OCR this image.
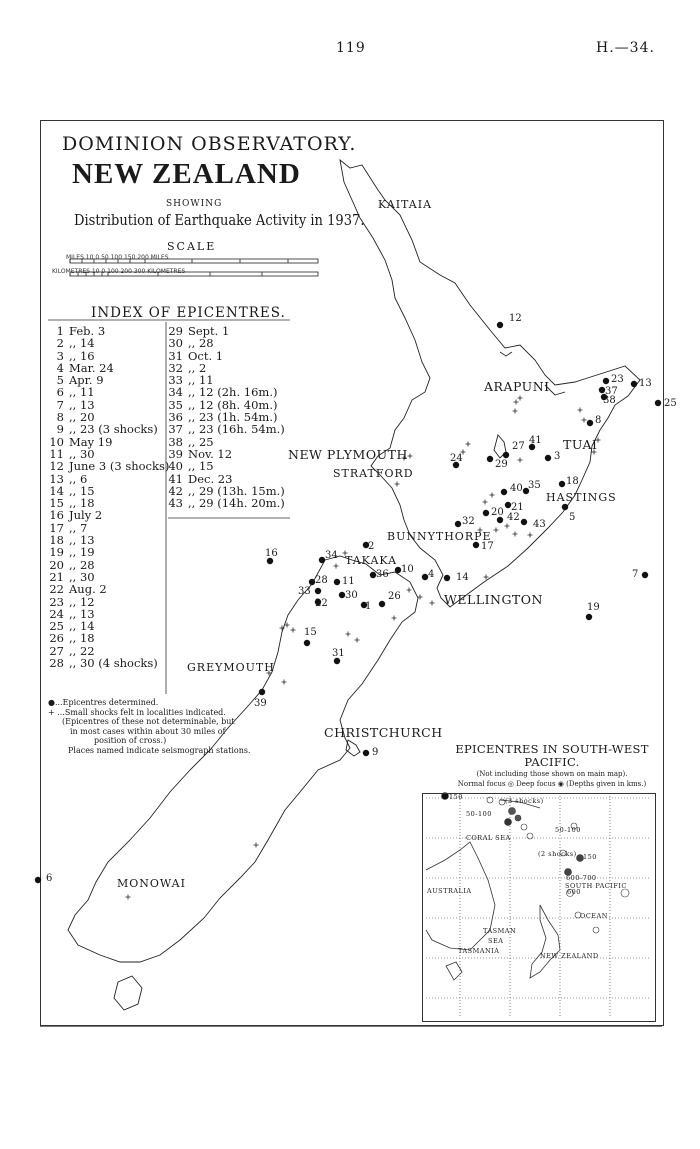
119	H.—34.
DOMINION OBSERVATORY.
NEW ZEALAND
SHOWING
Distribution of Earthquake Activity in 1937.
SCALE
MILES 10 0 50 100 150 200 MILES
KILOMETRES 10 0 100 200 300 KILOMETRES
INDEX OF EPICENTRES.
1 Feb. 3
2 ,, 14
3 ,, 16
4 Mar. 24
5 Apr. 9
6 ,, 11
7 ,, 13
8 ,, 20
9 ,, 23 (3 shocks)
10 May 19
11 ,, 30
12 June 3 (3 shocks)
13 ,, 6
14 ,, 15
15 ,, 18
16 July 2
17 ,, 7
18 ,, 13
19 ,, 19
20 ,, 28
21 ,, 30
22 Aug. 2
23 ,, 12
24 ,, 13
25 ,, 14
26 ,, 18
27 ,, 22
28 ,, 30 (4 shocks)
29 Sept. 1
30 ,, 28
31 Oct. 1
32 ,, 2
33 ,, 11
34 ,, 12 (2h. 16m.)
35 ,, 12 (8h. 40m.)
36 ,, 23 (1h. 54m.)
37 ,, 23 (16h. 54m.)
38 ,, 25
39 Nov. 12
40 ,, 15
41 Dec. 23
42 ,, 29 (13h. 15m.)
43 ,, 29 (14h. 20m.)
KAITAIA
ARAPUNI
TUAI
NEW PLYMOUTH
STRATFORD
HASTINGS
BUNNYTHORPE
TAKAKA
WELLINGTON
GREYMOUTH
CHRISTCHURCH
MONOWAI
12
23 13
37
38	25
8
41
27
3
24
29
40 35	18
20 21
42
43
5
32
2	17
16	34
10
36	4 14
28 11
33	30
1
22
26
7
19
15
31
39
9
6
●...Epicentres determined.
+ ...Small shocks felt in localities indicated.
(Epicentres of these not determinable, but
in most cases within about 30 miles of
position of cross.)
Places named indicate seismograph stations.	EPICENTRES IN SOUTH-WEST
PACIFIC.
(Not including those shown on main map).
Normal focus ◎ Deep focus ◉ (Depths given in kms.)
CORAL SEA
SOUTH PACIFIC
OCEAN
AUSTRALIA
TASMAN
SEA
TASMANIA
NEW ZEALAND
(3 shocks)
(2 shocks)
150
50-100
50-100
150
600-700
600
